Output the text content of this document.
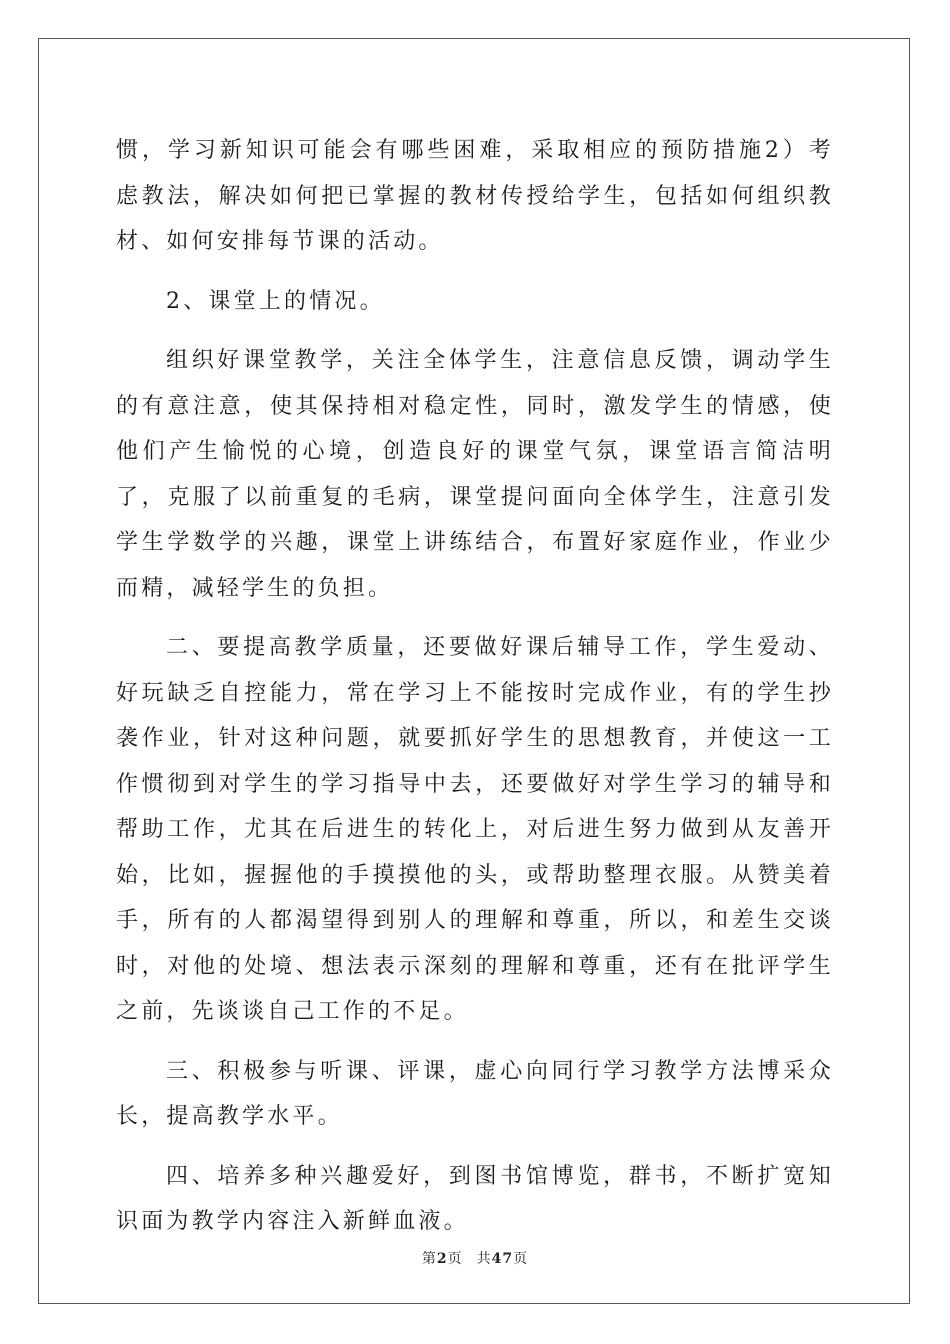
惯，学习新知识可能会有哪些困难，采取相应的预防措施2）考虑教法，解决如何把已掌握的教材传授给学生，包括如何组织教材、如何安排每节课的活动。

2、课堂上的情况。

组织好课堂教学，关注全体学生，注意信息反馈，调动学生的有意注意，使其保持相对稳定性，同时，激发学生的情感，使他们产生愉悦的心境，创造良好的课堂气氛，课堂语言简洁明了，克服了以前重复的毛病，课堂提问面向全体学生，注意引发学生学数学的兴趣，课堂上讲练结合，布置好家庭作业，作业少而精，减轻学生的负担。

二、要提高教学质量，还要做好课后辅导工作，学生爱动、好玩缺乏自控能力，常在学习上不能按时完成作业，有的学生抄袭作业，针对这种问题，就要抓好学生的思想教育，并使这一工作惯彻到对学生的学习指导中去，还要做好对学生学习的辅导和帮助工作，尤其在后进生的转化上，对后进生努力做到从友善开始，比如，握握他的手摸摸他的头，或帮助整理衣服。从赞美着手，所有的人都渴望得到别人的理解和尊重，所以，和差生交谈时，对他的处境、想法表示深刻的理解和尊重，还有在批评学生之前，先谈谈自己工作的不足。

三、积极参与听课、评课，虚心向同行学习教学方法博采众长，提高教学水平。

四、培养多种兴趣爱好，到图书馆博览，群书，不断扩宽知识面为教学内容注入新鲜血液。

第2页 共47页
